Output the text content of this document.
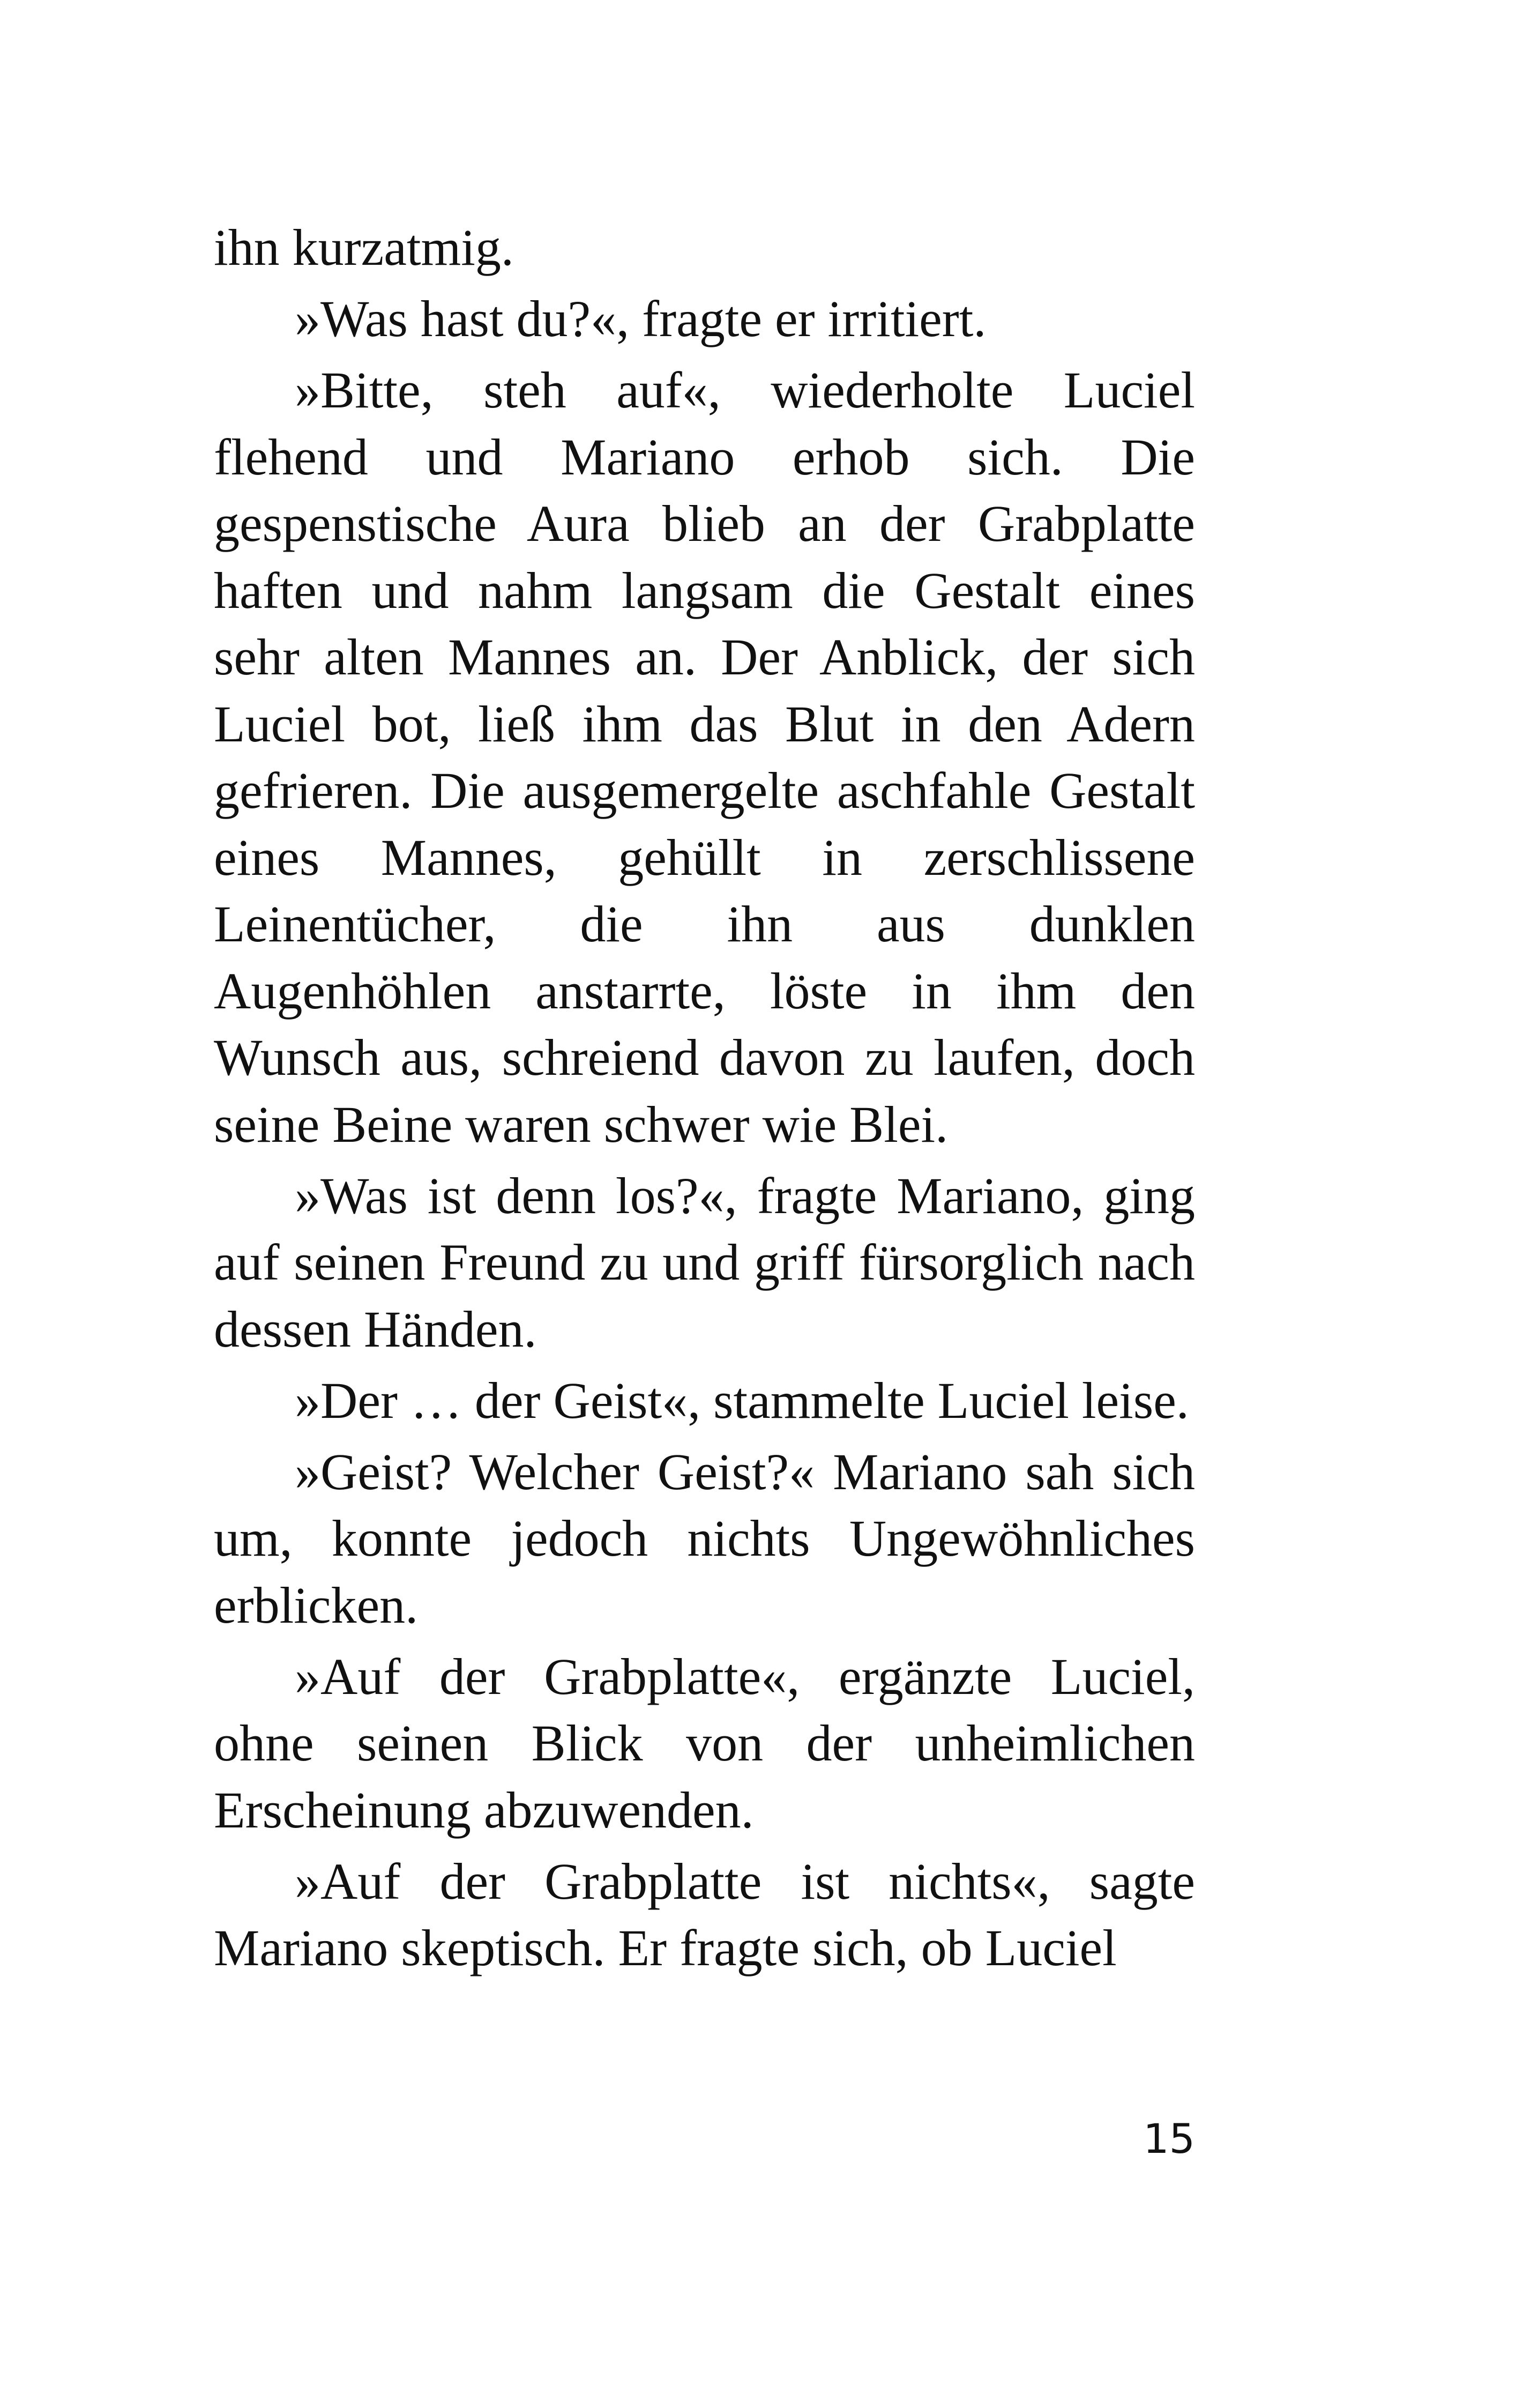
ihn kurzatmig.

»Was hast du?«, fragte er irritiert.

»Bitte, steh auf«, wiederholte Luciel flehend und Mariano erhob sich. Die gespenstische Aura blieb an der Grabplatte haften und nahm langsam die Gestalt eines sehr alten Mannes an. Der Anblick, der sich Luciel bot, ließ ihm das Blut in den Adern gefrieren. Die ausgemergelte aschfahle Gestalt eines Mannes, gehüllt in zerschlissene Leinentücher, die ihn aus dunklen Augenhöhlen anstarrte, löste in ihm den Wunsch aus, schreiend davon zu laufen, doch seine Beine waren schwer wie Blei.

»Was ist denn los?«, fragte Mariano, ging auf seinen Freund zu und griff fürsorglich nach dessen Händen.

»Der … der Geist«, stammelte Luciel leise.

»Geist? Welcher Geist?« Mariano sah sich um, konnte jedoch nichts Ungewöhnliches erblicken.

»Auf der Grabplatte«, ergänzte Luciel, ohne seinen Blick von der unheimlichen Erscheinung abzuwenden.

»Auf der Grabplatte ist nichts«, sagte Mariano skeptisch. Er fragte sich, ob Luciel

15
